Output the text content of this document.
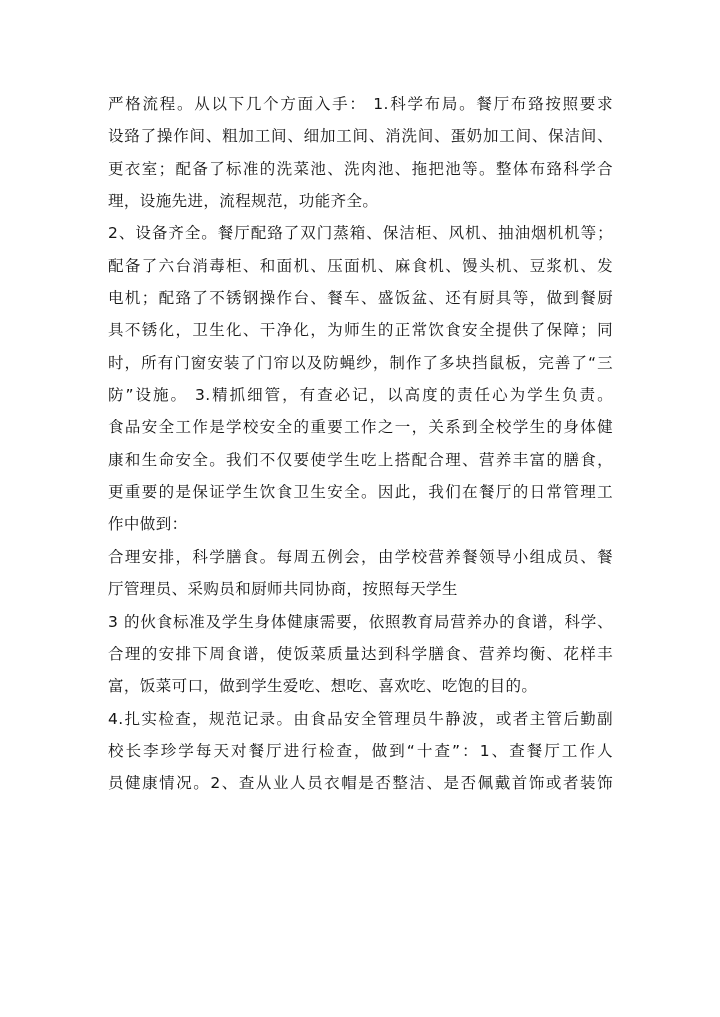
严格流程。从以下几个方面入手： 1.科学布局。餐厅布臵按照要求
设臵了操作间、粗加工间、细加工间、消洗间、蛋奶加工间、保洁间、
更衣室；配备了标准的洗菜池、洗肉池、拖把池等。整体布臵科学合
理，设施先进，流程规范，功能齐全。
2、设备齐全。餐厅配臵了双门蒸箱、保洁柜、风机、抽油烟机机等；
配备了六台消毒柜、和面机、压面机、麻食机、馒头机、豆浆机、发
电机；配臵了不锈钢操作台、餐车、盛饭盆、还有厨具等，做到餐厨
具不锈化，卫生化、干净化，为师生的正常饮食安全提供了保障；同
时，所有门窗安装了门帘以及防蝇纱，制作了多块挡鼠板，完善了“三
防”设施。 3.精抓细管，有查必记，以高度的责任心为学生负责。
食品安全工作是学校安全的重要工作之一，关系到全校学生的身体健
康和生命安全。我们不仅要使学生吃上搭配合理、营养丰富的膳食，
更重要的是保证学生饮食卫生安全。因此，我们在餐厅的日常管理工
作中做到：
合理安排，科学膳食。每周五例会，由学校营养餐领导小组成员、餐
厅管理员、采购员和厨师共同协商，按照每天学生
3 的伙食标准及学生身体健康需要，依照教育局营养办的食谱，科学、
合理的安排下周食谱，使饭菜质量达到科学膳食、营养均衡、花样丰
富，饭菜可口，做到学生爱吃、想吃、喜欢吃、吃饱的目的。
4.扎实检查，规范记录。由食品安全管理员牛静波，或者主管后勤副
校长李珍学每天对餐厅进行检查，做到“十查”：1、查餐厅工作人
员健康情况。2、查从业人员衣帽是否整洁、是否佩戴首饰或者装饰
